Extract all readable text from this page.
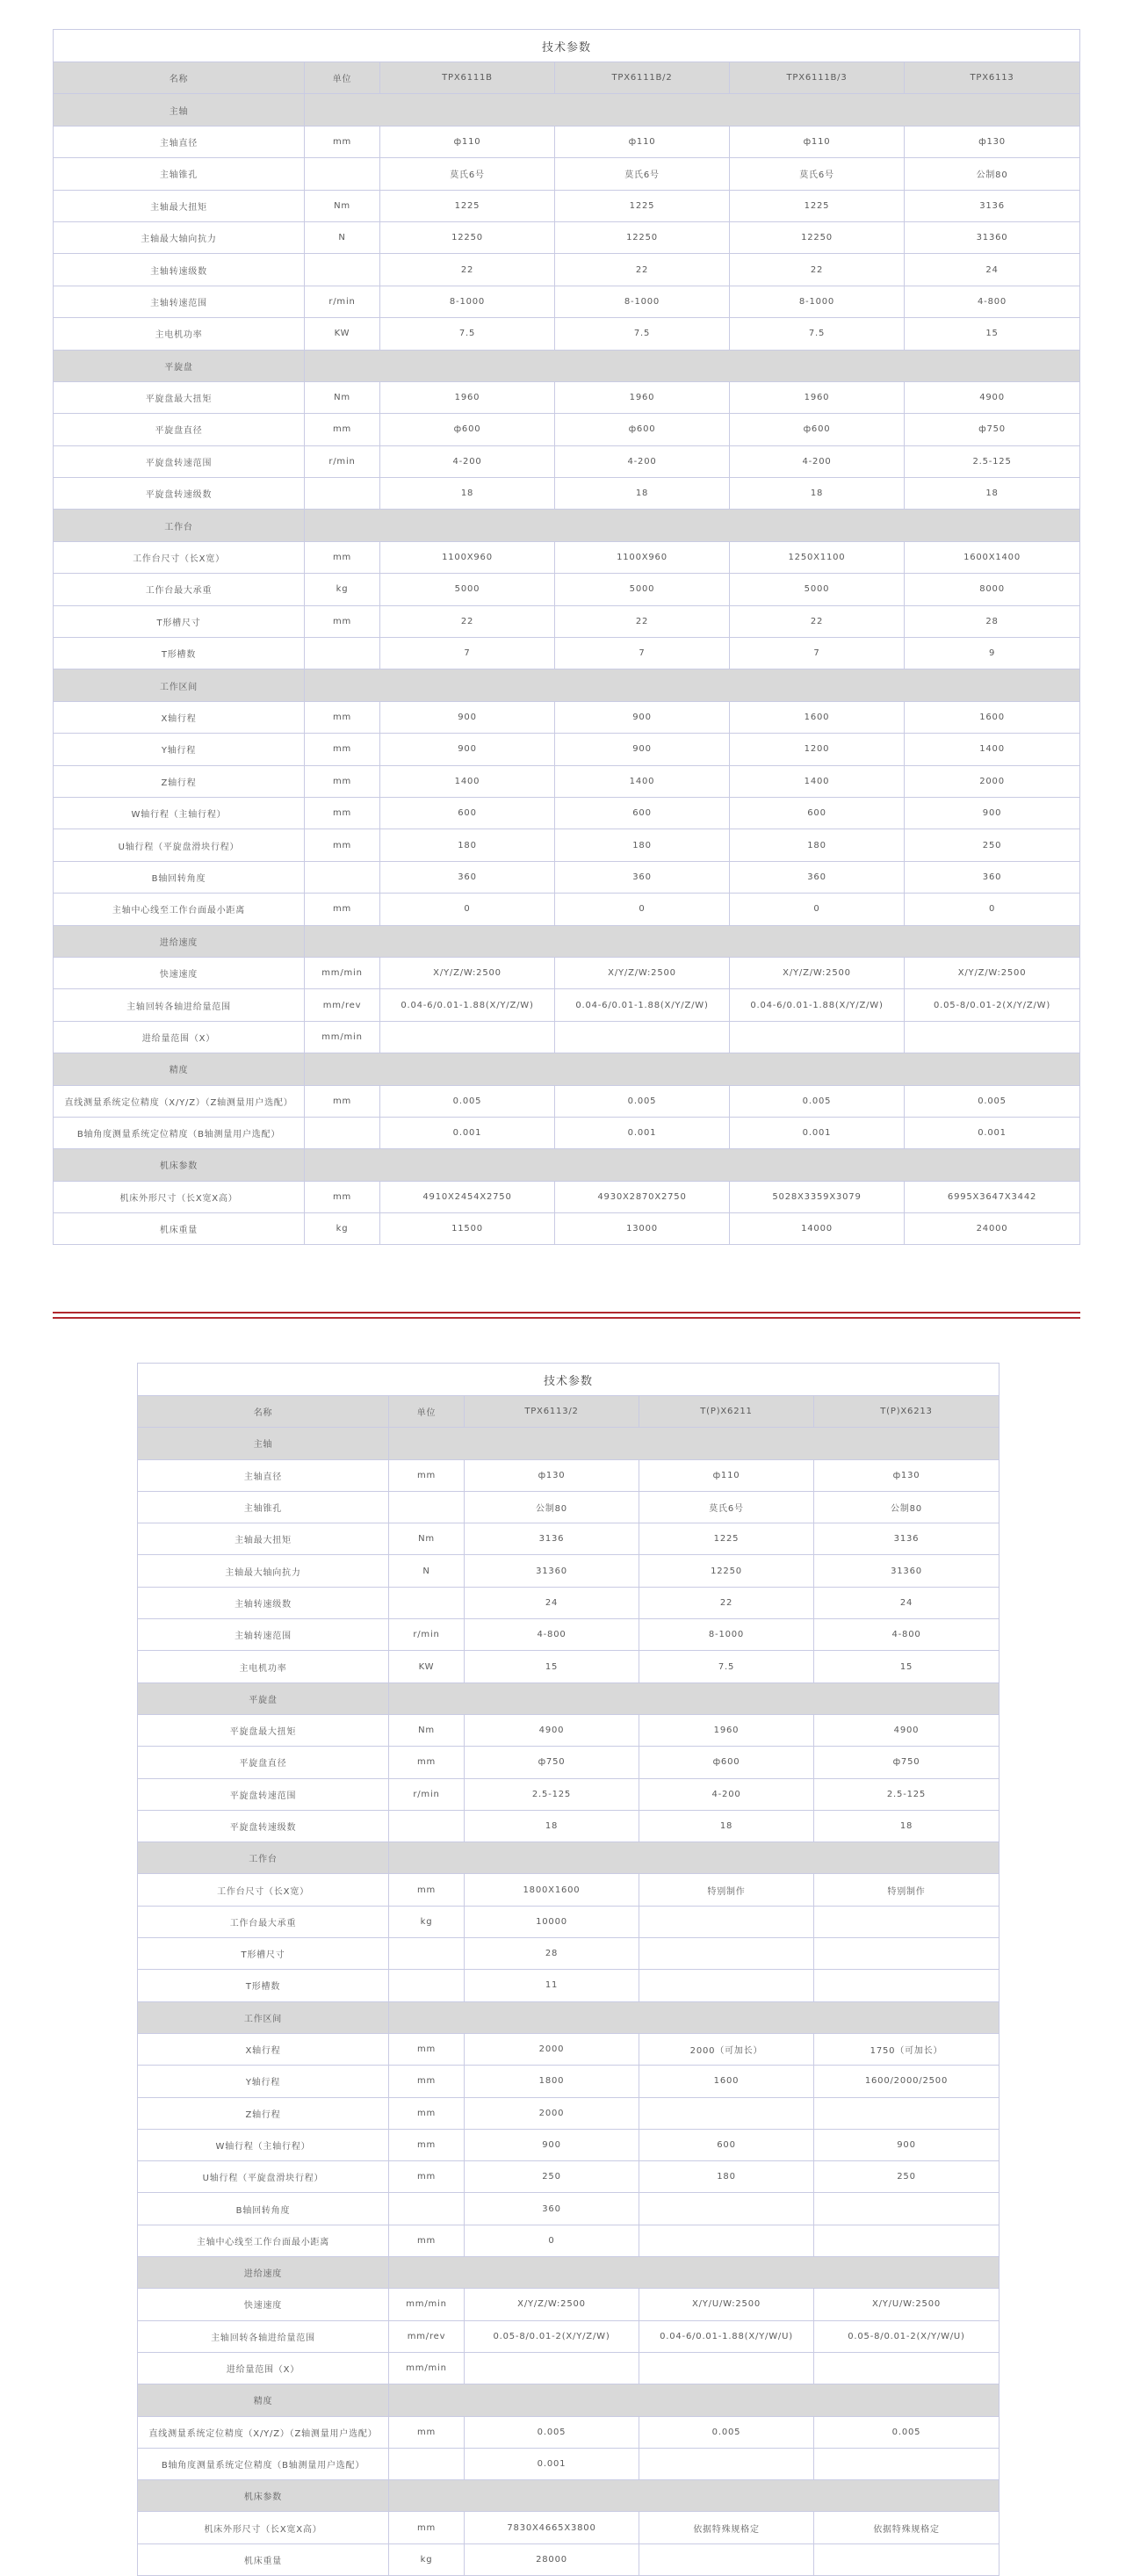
技术参数					
名称	单位	TPX6111B	TPX6111B/2	TPX6111B/3	TPX6113
主轴					
主轴直径	mm	ф110	ф110	ф110	ф130
主轴锥孔		莫氏6号	莫氏6号	莫氏6号	公制80
主轴最大扭矩	Nm	1225	1225	1225	3136
主轴最大轴向抗力	N	12250	12250	12250	31360
主轴转速级数		22	22	22	24
主轴转速范围	r/min	8-1000	8-1000	8-1000	4-800
主电机功率	KW	7.5	7.5	7.5	15
平旋盘					
平旋盘最大扭矩	Nm	1960	1960	1960	4900
平旋盘直径	mm	ф600	ф600	ф600	ф750
平旋盘转速范围	r/min	4-200	4-200	4-200	2.5-125
平旋盘转速级数		18	18	18	18
工作台					
工作台尺寸（长X宽）	mm	1100X960	1100X960	1250X1100	1600X1400
工作台最大承重	kg	5000	5000	5000	8000
T形槽尺寸	mm	22	22	22	28
T形槽数		7	7	7	9
工作区间					
X轴行程	mm	900	900	1600	1600
Y轴行程	mm	900	900	1200	1400
Z轴行程	mm	1400	1400	1400	2000
W轴行程（主轴行程）	mm	600	600	600	900
U轴行程（平旋盘滑块行程）	mm	180	180	180	250
B轴回转角度		360	360	360	360
主轴中心线至工作台面最小距离	mm	0	0	0	0
进给速度					
快速速度	mm/min	X/Y/Z/W:2500	X/Y/Z/W:2500	X/Y/Z/W:2500	X/Y/Z/W:2500
主轴回转各轴进给量范围	mm/rev	0.04-6/0.01-1.88(X/Y/Z/W)	0.04-6/0.01-1.88(X/Y/Z/W)	0.04-6/0.01-1.88(X/Y/Z/W)	0.05-8/0.01-2(X/Y/Z/W)
进给量范围（X）	mm/min				
精度					
直线测量系统定位精度（X/Y/Z）（Z轴测量用户选配）	mm	0.005	0.005	0.005	0.005
B轴角度测量系统定位精度（B轴测量用户选配）		0.001	0.001	0.001	0.001
机床参数					
机床外形尺寸（长X宽X高）	mm	4910X2454X2750	4930X2870X2750	5028X3359X3079	6995X3647X3442
机床重量	kg	11500	13000	14000	24000
技术参数				
名称	单位	TPX6113/2	T(P)X6211	T(P)X6213
主轴				
主轴直径	mm	ф130	ф110	ф130
主轴锥孔		公制80	莫氏6号	公制80
主轴最大扭矩	Nm	3136	1225	3136
主轴最大轴向抗力	N	31360	12250	31360
主轴转速级数		24	22	24
主轴转速范围	r/min	4-800	8-1000	4-800
主电机功率	KW	15	7.5	15
平旋盘				
平旋盘最大扭矩	Nm	4900	1960	4900
平旋盘直径	mm	ф750	ф600	ф750
平旋盘转速范围	r/min	2.5-125	4-200	2.5-125
平旋盘转速级数		18	18	18
工作台				
工作台尺寸（长X宽）	mm	1800X1600	特别制作	特别制作
工作台最大承重	kg	10000		
T形槽尺寸		28		
T形槽数		11		
工作区间				
X轴行程	mm	2000	2000（可加长）	1750（可加长）
Y轴行程	mm	1800	1600	1600/2000/2500
Z轴行程	mm	2000		
W轴行程（主轴行程）	mm	900	600	900
U轴行程（平旋盘滑块行程）	mm	250	180	250
B轴回转角度		360		
主轴中心线至工作台面最小距离	mm	0		
进给速度				
快速速度	mm/min	X/Y/Z/W:2500	X/Y/U/W:2500	X/Y/U/W:2500
主轴回转各轴进给量范围	mm/rev	0.05-8/0.01-2(X/Y/Z/W)	0.04-6/0.01-1.88(X/Y/W/U)	0.05-8/0.01-2(X/Y/W/U)
进给量范围（X）	mm/min			
精度				
直线测量系统定位精度（X/Y/Z）（Z轴测量用户选配）	mm	0.005	0.005	0.005
B轴角度测量系统定位精度（B轴测量用户选配）		0.001		
机床参数				
机床外形尺寸（长X宽X高）	mm	7830X4665X3800	依据特殊规格定	依据特殊规格定
机床重量	kg	28000		
